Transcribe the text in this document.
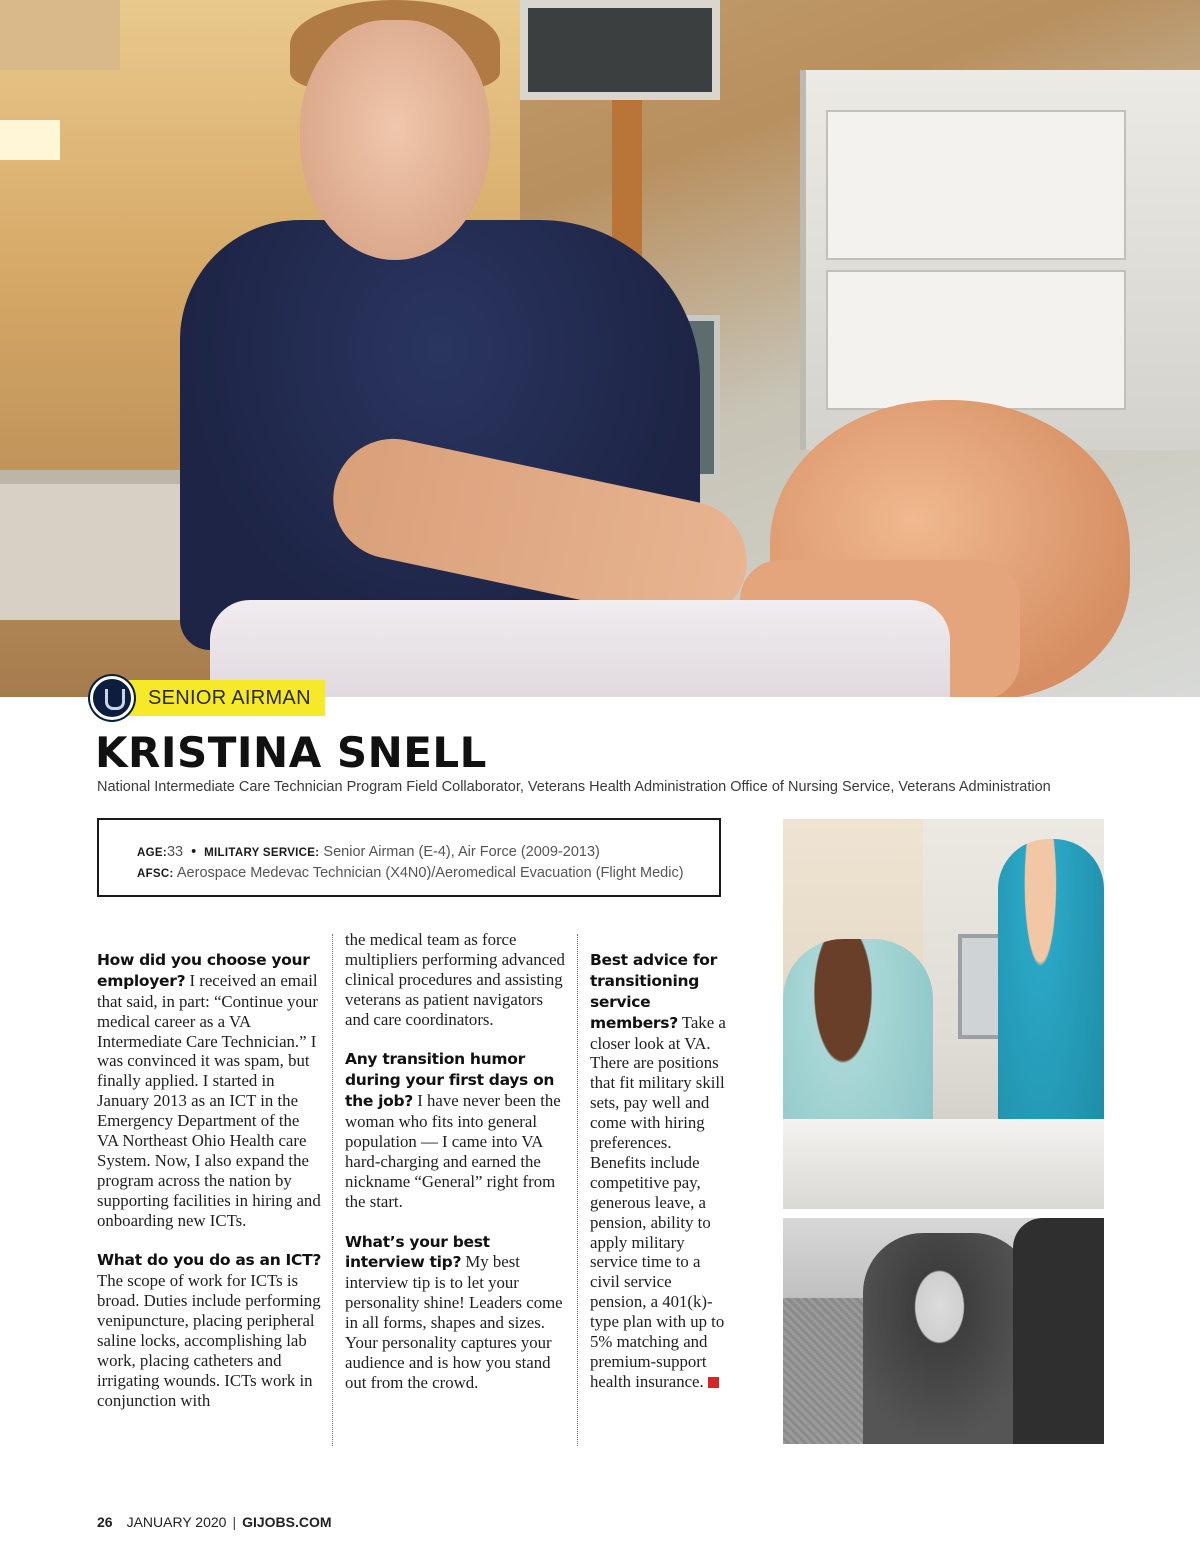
SENIOR AIRMAN
KRISTINA SNELL
National Intermediate Care Technician Program Field Collaborator, Veterans Health Administration Office of Nursing Service, Veterans Administration
AGE:33 • MILITARY SERVICE: Senior Airman (E-4), Air Force (2009-2013)
AFSC: Aerospace Medevac Technician (X4N0)/Aeromedical Evacuation (Flight Medic)

How did you choose your employer? I received an email that said, in part: “Continue your medical career as a VA Intermediate Care Technician.” I was convinced it was spam, but finally applied. I started in January 2013 as an ICT in the Emergency Department of the VA Northeast Ohio Health care System. Now, I also expand the program across the nation by supporting facilities in hiring and onboarding new ICTs.

What do you do as an ICT? The scope of work for ICTs is broad. Duties include performing venipuncture, placing peripheral saline locks, accomplishing lab work, placing catheters and irrigating wounds. ICTs work in conjunction with

the medical team as force multipliers performing advanced clinical procedures and assisting veterans as patient navigators and care coordinators.

Any transition humor during your first days on the job? I have never been the woman who fits into general population — I came into VA hard-charging and earned the nickname “General” right from the start.

What’s your best interview tip? My best interview tip is to let your personality shine! Leaders come in all forms, shapes and sizes. Your personality captures your audience and is how you stand out from the crowd.

Best advice for transitioning service members? Take a closer look at VA. There are positions that fit military skill sets, pay well and come with hiring preferences. Benefits include competitive pay, generous leave, a pension, ability to apply military service time to a civil service pension, a 401(k)-type plan with up to 5% matching and premium-support health insurance.

26 JANUARY 2020 | GIJOBS.COM
